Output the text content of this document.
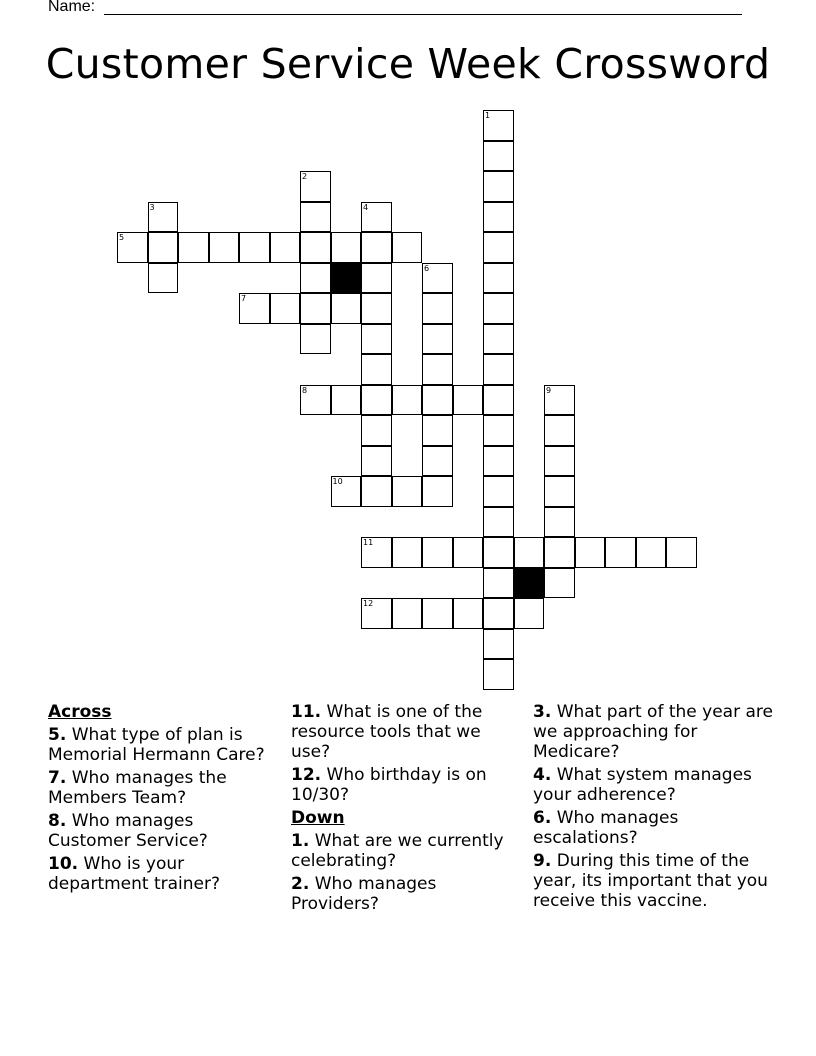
Name:
Customer Service Week Crossword
1
2
3	4
5
6
7
8	9
10
11
12
Across
5. What type of plan is Memorial Hermann Care?
7. Who manages the Members Team?
8. Who manages Customer Service?
10. Who is your department trainer?
11. What is one of the resource tools that we use?
12. Who birthday is on 10/30?
Down
1. What are we currently celebrating?
2. Who manages Providers?
3. What part of the year are we approaching for Medicare?
4. What system manages your adherence?
6. Who manages escalations?
9. During this time of the year, its important that you receive this vaccine.
